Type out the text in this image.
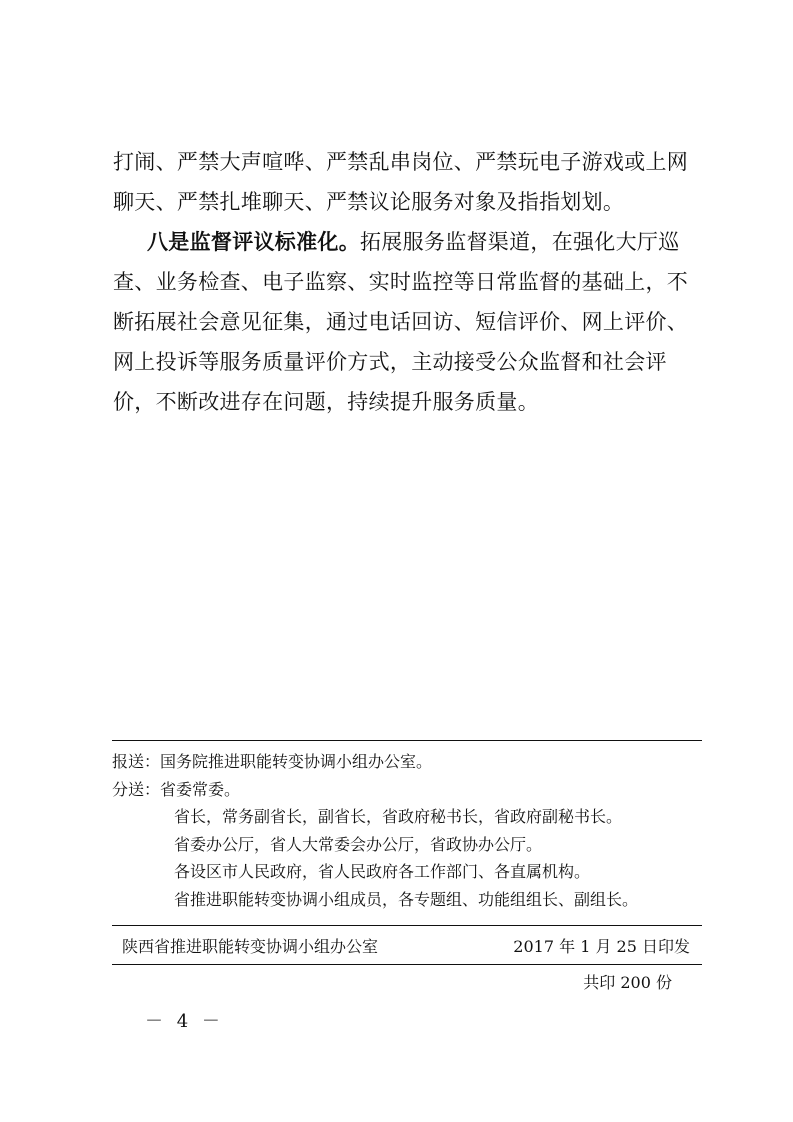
打闹、严禁大声喧哗、严禁乱串岗位、严禁玩电子游戏或上网

聊天、严禁扎堆聊天、严禁议论服务对象及指指划划。

八是监督评议标准化。拓展服务监督渠道，在强化大厅巡

查、业务检查、电子监察、实时监控等日常监督的基础上，不

断拓展社会意见征集，通过电话回访、短信评价、网上评价、

网上投诉等服务质量评价方式，主动接受公众监督和社会评

价，不断改进存在问题，持续提升服务质量。

报送：国务院推进职能转变协调小组办公室。
分送：省委常委。
省长，常务副省长，副省长，省政府秘书长，省政府副秘书长。
省委办公厅，省人大常委会办公厅，省政协办公厅。
各设区市人民政府，省人民政府各工作部门、各直属机构。
省推进职能转变协调小组成员，各专题组、功能组组长、副组长。
陕西省推进职能转变协调小组办公室	2017 年 1 月 25 日印发
共印 200 份
－ 4 －
